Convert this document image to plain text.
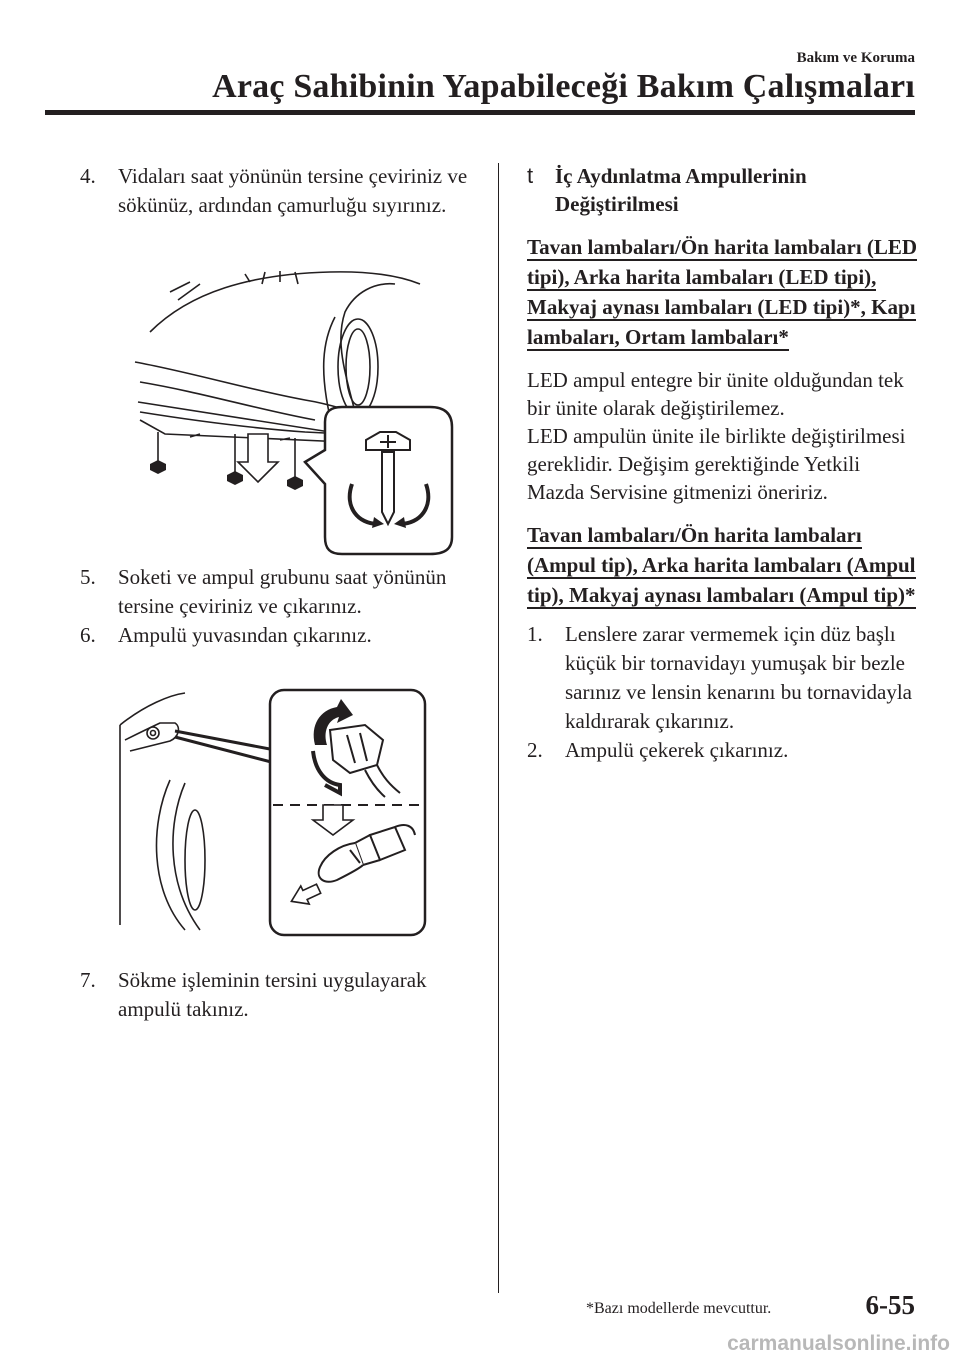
Bakım ve Koruma
Araç Sahibinin Yapabileceği Bakım Çalışmaları
4. Vidaları saat yönünün tersine çeviriniz ve sökünüz, ardından çamurluğu sıyırınız.
5. Soketi ve ampul grubunu saat yönünün tersine çeviriniz ve çıkarınız.
6. Ampulü yuvasından çıkarınız.
7. Sökme işleminin tersini uygulayarak ampulü takınız.
t İç Aydınlatma Ampullerinin Değiştirilmesi
Tavan lambaları/Ön harita lambaları (LED tipi), Arka harita lambaları (LED tipi), Makyaj aynası lambaları (LED tipi)*, Kapı lambaları, Ortam lambaları*
LED ampul entegre bir ünite olduğundan tek bir ünite olarak değiştirilemez.
LED ampulün ünite ile birlikte değiştirilmesi gereklidir. Değişim gerektiğinde Yetkili Mazda Servisine gitmenizi öneririz.
Tavan lambaları/Ön harita lambaları (Ampul tip), Arka harita lambaları (Ampul tip), Makyaj aynası lambaları (Ampul tip)*
1. Lenslere zarar vermemek için düz başlı küçük bir tornavidayı yumuşak bir bezle sarınız ve lensin kenarını bu tornavidayla kaldırarak çıkarınız.
2. Ampulü çekerek çıkarınız.
*Bazı modellerde mevcuttur.	6-55
carmanualsonline.info
